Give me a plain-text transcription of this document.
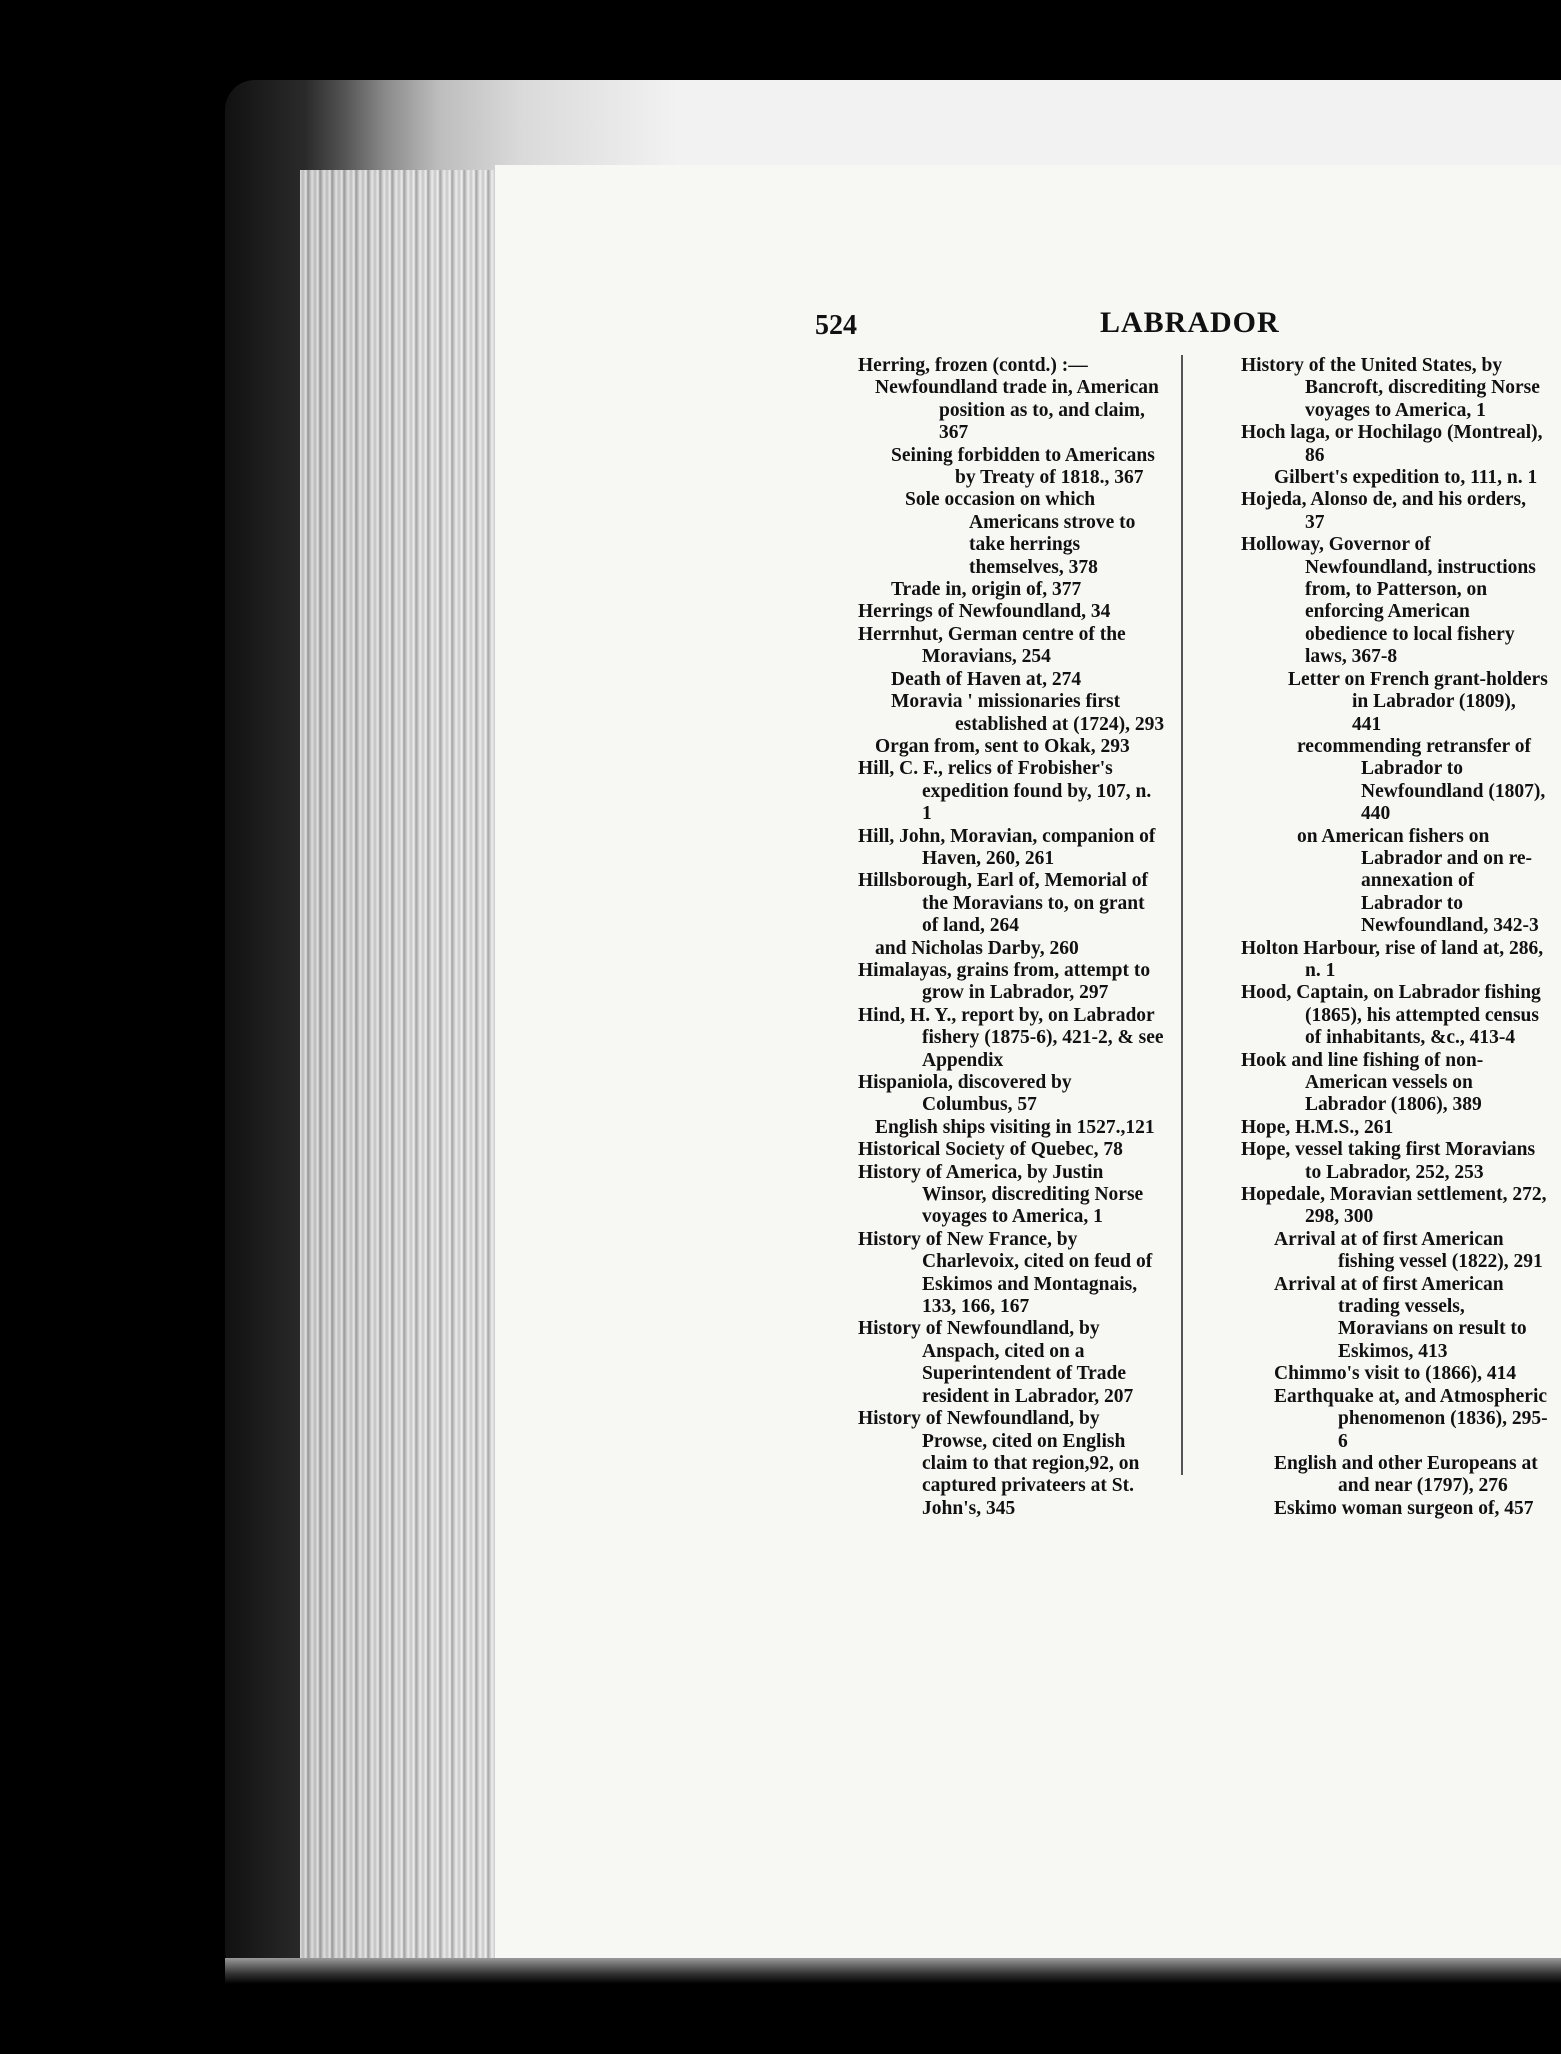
524	LABRADOR

Herring, frozen (contd.) :—

Newfoundland trade in, American position as to, and claim, 367

Seining forbidden to Americans by Treaty of 1818., 367

Sole occasion on which Americans strove to take herrings themselves, 378

Trade in, origin of, 377

Herrings of Newfoundland, 34

Herrnhut, German centre of the Moravians, 254

Death of Haven at, 274

Moravia ' missionaries first established at (1724), 293

Organ from, sent to Okak, 293

Hill, C. F., relics of Frobisher's expedition found by, 107, n. 1

Hill, John, Moravian, companion of Haven, 260, 261

Hillsborough, Earl of, Memorial of the Moravians to, on grant of land, 264

and Nicholas Darby, 260

Himalayas, grains from, attempt to grow in Labrador, 297

Hind, H. Y., report by, on Labrador fishery (1875-6), 421-2, & see Appendix

Hispaniola, discovered by Columbus, 57

English ships visiting in 1527.,121

Historical Society of Quebec, 78

History of America, by Justin Winsor, discrediting Norse voyages to America, 1

History of New France, by Charlevoix, cited on feud of Eskimos and Montagnais, 133, 166, 167

History of Newfoundland, by Anspach, cited on a Superintendent of Trade resident in Labrador, 207

History of Newfoundland, by Prowse, cited on English claim to that region,92, on captured privateers at St. John's, 345

History of the United States, by Bancroft, discrediting Norse voyages to America, 1

Hoch laga, or Hochilago (Montreal), 86

Gilbert's expedition to, 111, n. 1

Hojeda, Alonso de, and his orders, 37

Holloway, Governor of Newfoundland, instructions from, to Patterson, on enforcing American obedience to local fishery laws, 367-8

Letter on French grant-holders in Labrador (1809), 441

recommending retransfer of Labrador to Newfoundland (1807), 440

on American fishers on Labrador and on re-annexation of Labrador to Newfoundland, 342-3

Holton Harbour, rise of land at, 286, n. 1

Hood, Captain, on Labrador fishing (1865), his attempted census of inhabitants, &c., 413-4

Hook and line fishing of non-American vessels on Labrador (1806), 389

Hope, H.M.S., 261

Hope, vessel taking first Moravians to Labrador, 252, 253

Hopedale, Moravian settlement, 272, 298, 300

Arrival at of first American fishing vessel (1822), 291

Arrival at of first American trading vessels, Moravians on result to Eskimos, 413

Chimmo's visit to (1866), 414

Earthquake at, and Atmospheric phenomenon (1836), 295-6

English and other Europeans at and near (1797), 276

Eskimo woman surgeon of, 457
